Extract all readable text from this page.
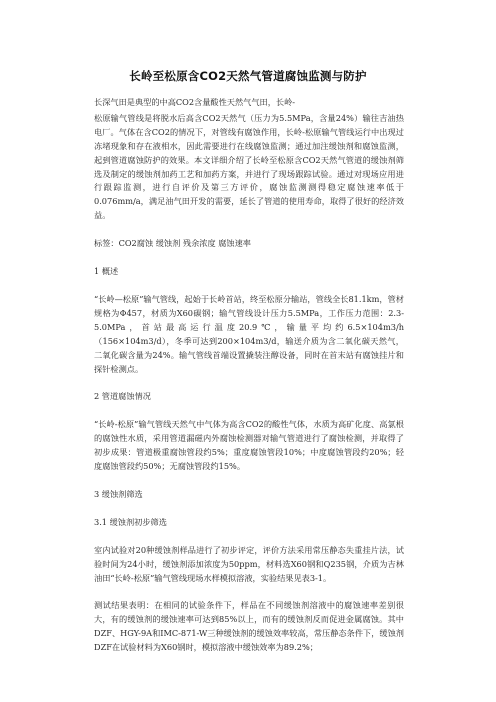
长岭至松原含CO2天然气管道腐蚀监测与防护

长深气田是典型的中高CO2含量酸性天然气气田，长岭-

松原输气管线是将脱水后高含CO2天然气（压力为5.5MPa，含量24%）输往吉油热电厂。气体在含CO2的情况下，对管线有腐蚀作用，长岭-松原输气管线运行中出现过冻堵现象和存在液相水，因此需要进行在线腐蚀监测；通过加注缓蚀剂和腐蚀监测，起到管道腐蚀防护的效果。本文详细介绍了长岭至松原含CO2天然气管道的缓蚀剂筛选及制定的缓蚀剂加药工艺和加药方案，并进行了现场跟踪试验。通过对现场应用进行跟踪监测，进行自评价及第三方评价，腐蚀监测测得稳定腐蚀速率低于0.076mm/a，满足油气田开发的需要，延长了管道的使用寿命，取得了很好的经济效益。

标签：CO2腐蚀 缓蚀剂 残余浓度 腐蚀速率

1 概述

“长岭—松原”输气管线，起始于长岭首站，终至松原分输站，管线全长81.1km，管材规格为Φ457，材质为X60碳钢；输气管线设计压力5.5MPa，工作压力范围：2.3-5.0MPa，首站最高运行温度20.9℃，输量平均约6.5×104m3/h（156×104m3/d），冬季可达到200×104m3/d，输送介质为含二氧化碳天然气，二氧化碳含量为24%。输气管线首端设置撬装注醇设备，同时在首末站有腐蚀挂片和探针检测点。

2 管道腐蚀情况

“长岭-松原”输气管线天然气中气体为高含CO2的酸性气体，水质为高矿化度、高氯根的腐蚀性水质，采用管道漏磁内外腐蚀检测器对输气管道进行了腐蚀检测，并取得了初步成果：管道极重腐蚀管段约5%；重度腐蚀管段10%；中度腐蚀管段约20%；轻度腐蚀管段约50%；无腐蚀管段约15%。

3 缓蚀剂筛选

3.1 缓蚀剂初步筛选

室内试验对20种缓蚀剂样品进行了初步评定，评价方法采用常压静态失重挂片法，试验时间为24小时，缓蚀剂添加浓度为50ppm，材料选X60钢和Q235钢，介质为吉林油田“长岭-松原”输气管线现场水样模拟溶液，实验结果见表3-1。

测试结果表明：在相同的试验条件下，样品在不同缓蚀剂溶液中的腐蚀速率差别很大，有的缓蚀剂的缓蚀速率可达到85%以上，而有的缓蚀剂反而促进金属腐蚀。其中DZF、HGY-9A和IMC-871-W三种缓蚀剂的缓蚀效率较高，常压静态条件下，缓蚀剂DZF在试验材料为X60钢时，模拟溶液中缓蚀效率为89.2%；
